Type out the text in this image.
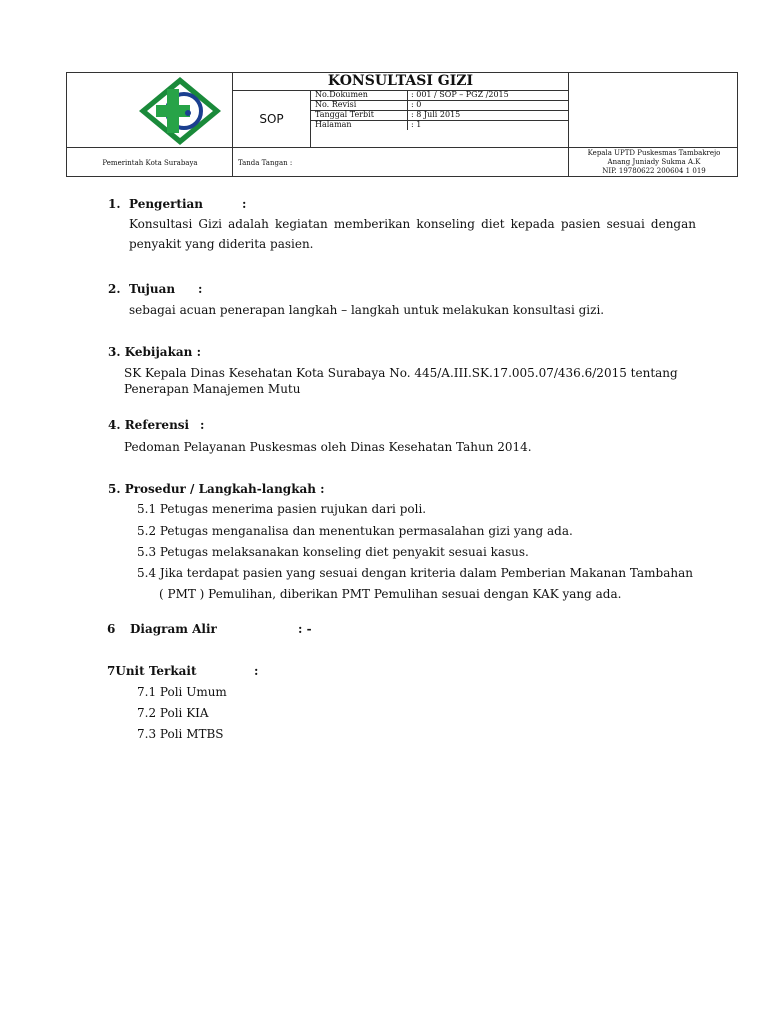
KONSULTASI GIZI
SOP
No.Dokumen	: 001 / SOP – PGZ /2015
No. Revisi	: 0
Tanggal Terbit	: 8 Juli 2015
Halaman	: 1
Pemerintah Kota Surabaya	Tanda Tangan :
Kepala UPTD Puskesmas Tambakrejo
Anang Juniady Sukma A.K
NIP. 19780622 200604 1 019
1. Pengertian	:
Konsultasi Gizi adalah kegiatan memberikan konseling diet kepada pasien sesuai dengan penyakit yang diderita pasien.
2. Tujuan :
sebagai acuan penerapan langkah – langkah untuk melakukan konsultasi gizi.
3. Kebijakan :
SK Kepala Dinas Kesehatan Kota Surabaya No. 445/A.III.SK.17.005.07/436.6/2015 tentang
Penerapan Manajemen Mutu
4. Referensi :
Pedoman Pelayanan Puskesmas oleh Dinas Kesehatan Tahun 2014.
5. Prosedur / Langkah-langkah :
5.1 Petugas menerima pasien rujukan dari poli.
5.2 Petugas menganalisa dan menentukan permasalahan gizi yang ada.
5.3 Petugas melaksanakan konseling diet penyakit sesuai kasus.
5.4 Jika terdapat pasien yang sesuai dengan kriteria dalam Pemberian Makanan Tambahan
( PMT ) Pemulihan, diberikan PMT Pemulihan sesuai dengan KAK yang ada.
6 Diagram Alir	: -
7Unit Terkait	:
7.1 Poli Umum
7.2 Poli KIA
7.3 Poli MTBS
